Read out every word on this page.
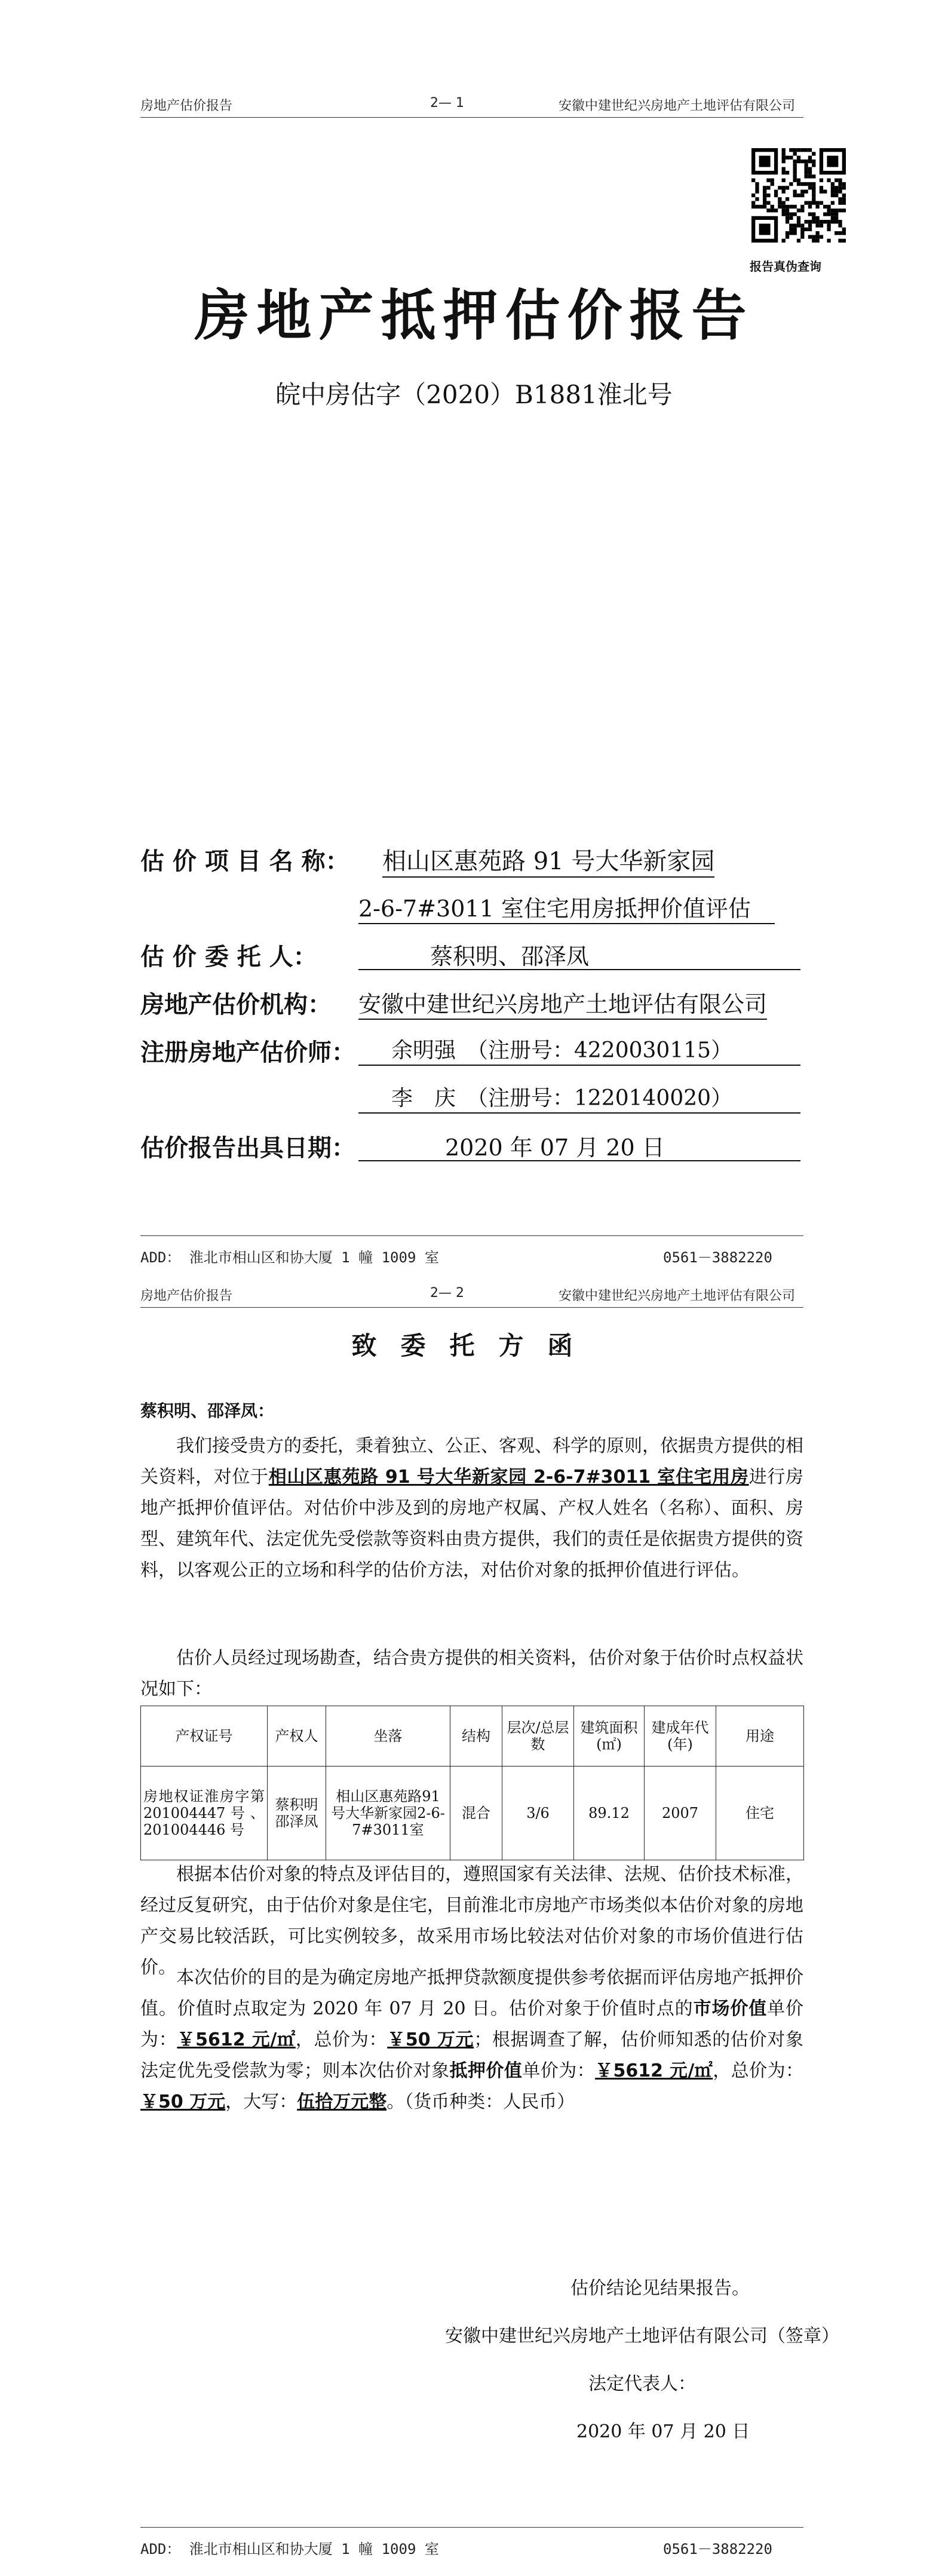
房地产估价报告	2— 1	安徽中建世纪兴房地产土地评估有限公司
报告真伪查询
房地产抵押估价报告
皖中房估字（2020）B1881淮北号
估 价 项 目 名 称： 相山区惠苑路 91 号大华新家园
2-6-7#3011 室住宅用房抵押价值评估
估 价 委 托 人：	蔡积明、邵泽凤
房地产估价机构： 安徽中建世纪兴房地产土地评估有限公司
注册房地产估价师： 余明强　（注册号：4220030115）
李　庆　（注册号：1220140020）
估价报告出具日期：	2020 年 07 月 20 日
ADD： 淮北市相山区和协大厦 1 幢 1009 室	0561－3882220
房地产估价报告	2— 2	安徽中建世纪兴房地产土地评估有限公司
致委托方函
蔡积明、邵泽凤：
我们接受贵方的委托，秉着独立、公正、客观、科学的原则，依据贵方提供的相关资料，对位于相山区惠苑路 91 号大华新家园 2-6-7#3011 室住宅用房进行房地产抵押价值评估。对估价中涉及到的房地产权属、产权人姓名（名称）、面积、房型、建筑年代、法定优先受偿款等资料由贵方提供，我们的责任是依据贵方提供的资料，以客观公正的立场和科学的估价方法，对估价对象的抵押价值进行评估。
估价人员经过现场勘查，结合贵方提供的相关资料，估价对象于估价时点权益状况如下：
产权证号	产权人	坐落	结构	层次/总层数	建筑面积(㎡)	建成年代(年)	用途
房地权证淮房字第201004447 号 、201004446 号	蔡积明邵泽凤	相山区惠苑路91 号大华新家园2-6-7#3011室	混合	3/6	89.12	2007	住宅
根据本估价对象的特点及评估目的，遵照国家有关法律、法规、估价技术标准，经过反复研究，由于估价对象是住宅，目前淮北市房地产市场类似本估价对象的房地产交易比较活跃，可比实例较多，故采用市场比较法对估价对象的市场价值进行估价。 本次估价的目的是为确定房地产抵押贷款额度提供参考依据而评估房地产抵押价值。价值时点取定为 2020 年 07 月 20 日。估价对象于价值时点的市场价值单价为：￥5612 元/㎡，总价为：￥50 万元；根据调查了解，估价师知悉的估价对象法定优先受偿款为零；则本次估价对象抵押价值单价为：￥5612 元/㎡，总价为：￥50 万元，大写：伍拾万元整。（货币种类：人民币）
估价结论见结果报告。
安徽中建世纪兴房地产土地评估有限公司（签章）
法定代表人：
2020 年 07 月 20 日
ADD： 淮北市相山区和协大厦 1 幢 1009 室	0561－3882220
